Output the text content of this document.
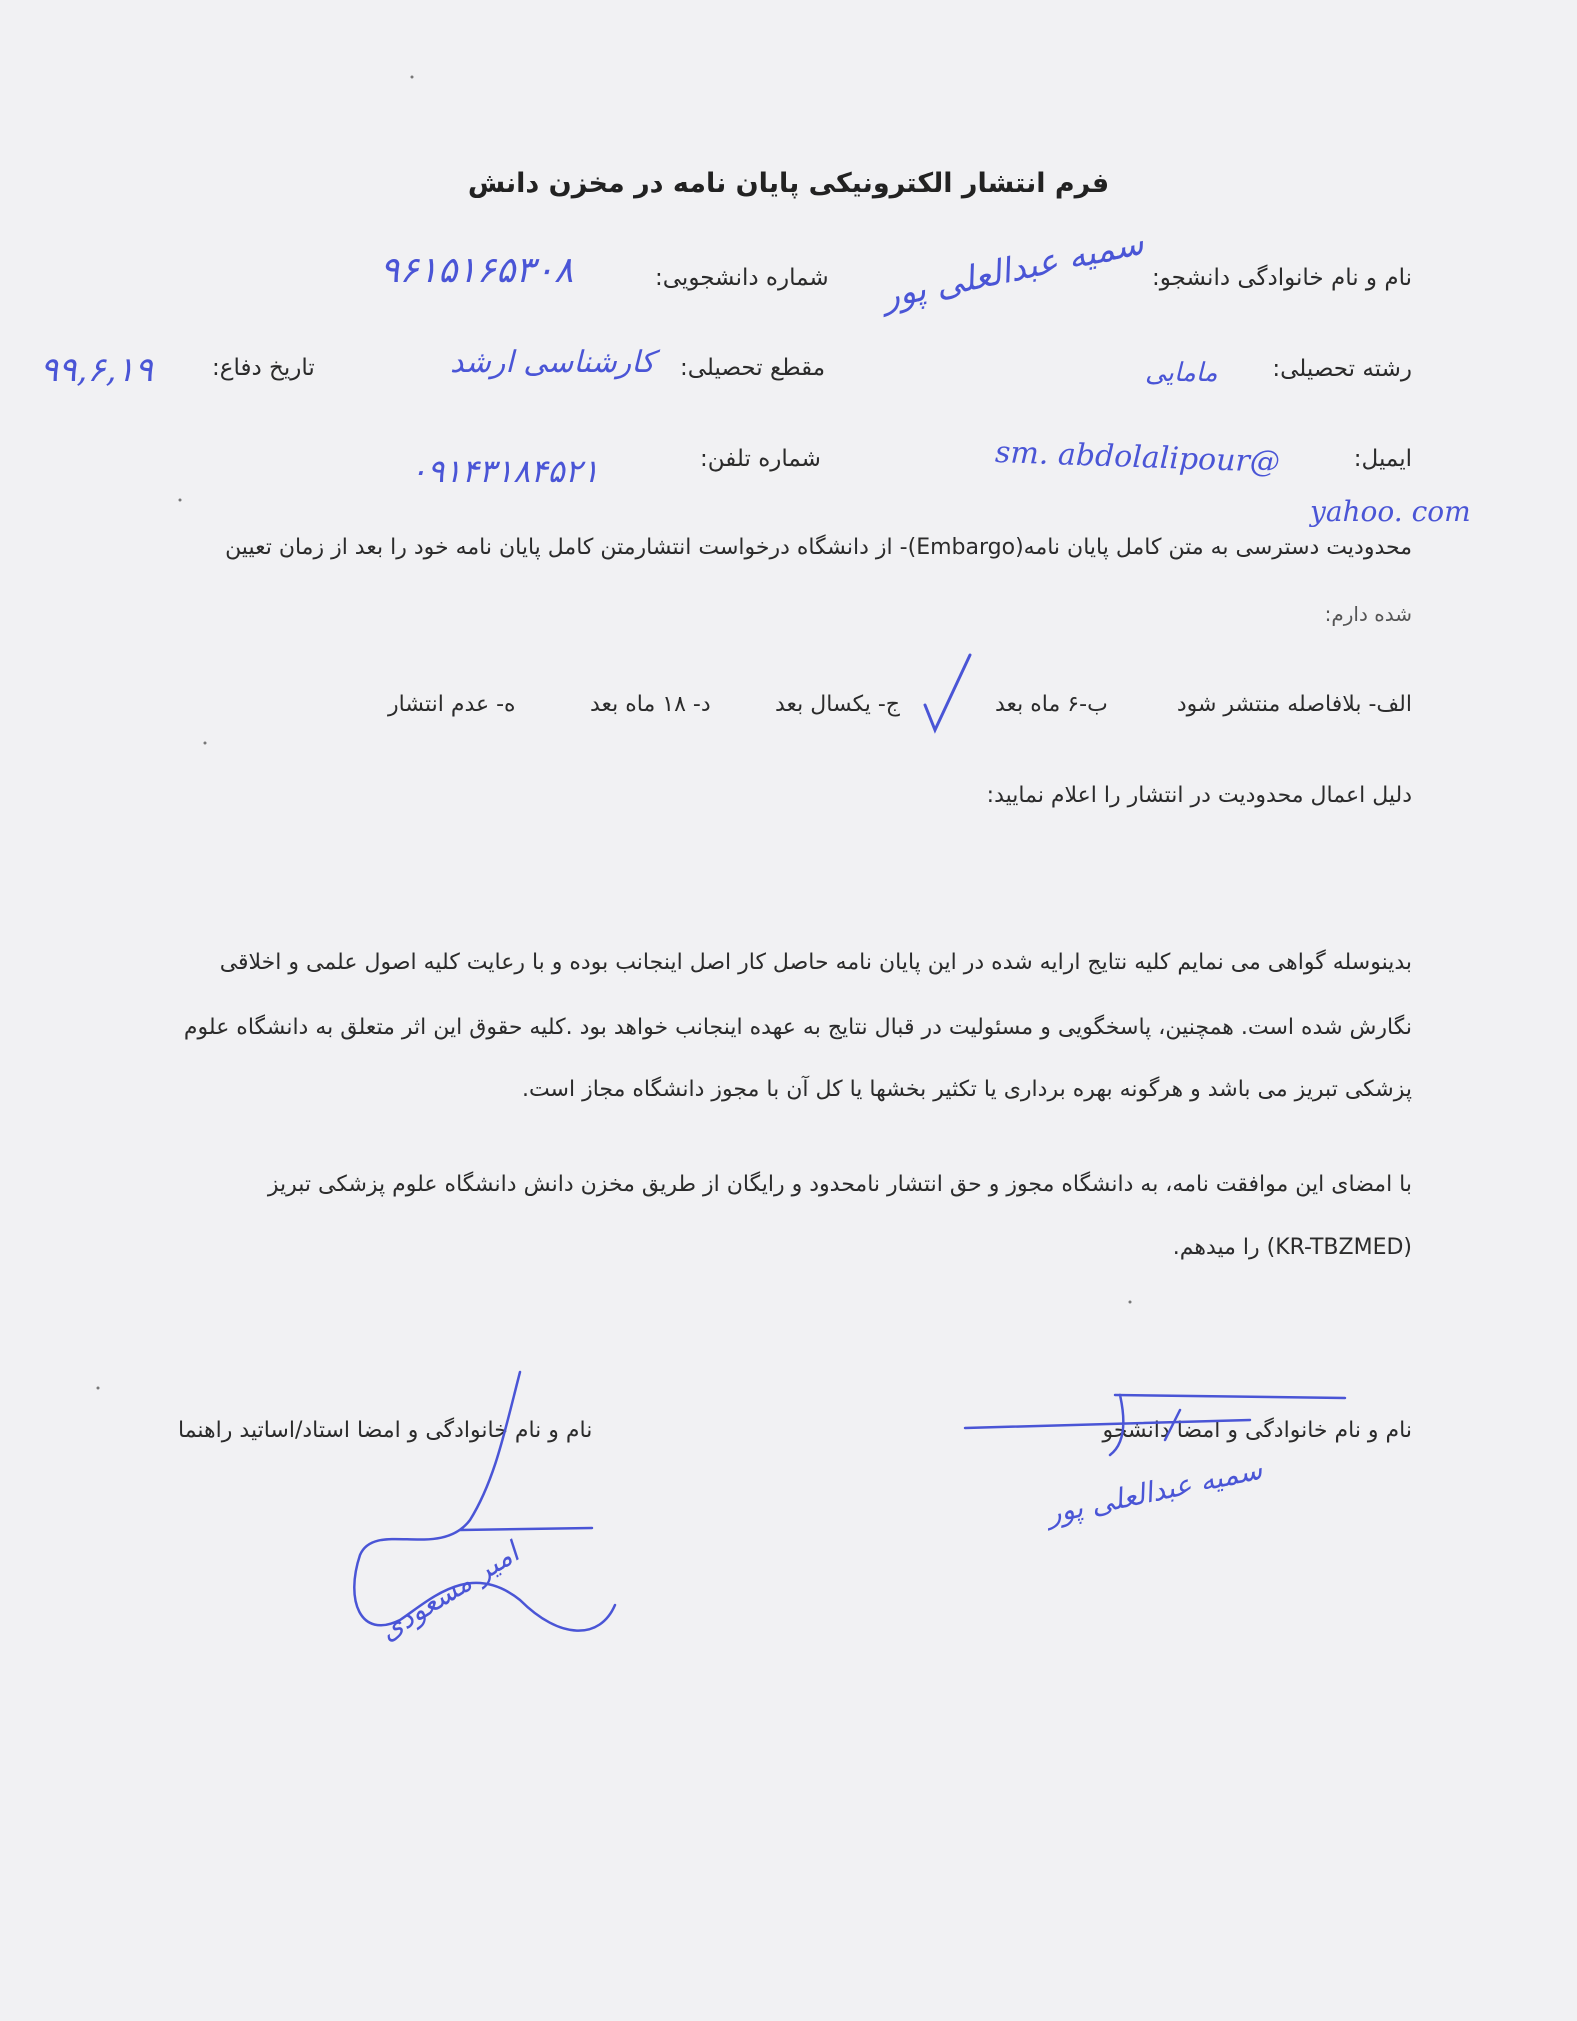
فرم انتشار الکترونیکی پایان نامه در مخزن دانش
نام و نام خانوادگی دانشجو:
سمیه عبدالعلی پور
شماره دانشجویی:
۹۶۱۵۱۶۵۳۰۸
رشته تحصیلی:
مامایی
مقطع تحصیلی:
کارشناسی ارشد
تاریخ دفاع:
۹۹,۶,۱۹
ایمیل:
sm. abdolalipour@
yahoo. com
شماره تلفن:
۰۹۱۴۳۱۸۴۵۲۱
محدودیت دسترسی به متن کامل پایان نامه(Embargo)- از دانشگاه درخواست انتشارمتن کامل پایان نامه خود را بعد از زمان تعیین
شده دارم:
الف- بلافاصله منتشر شود
ب-۶ ماه بعد
ج- یکسال بعد
د- ۱۸ ماه بعد
ه- عدم انتشار
دلیل اعمال محدودیت در انتشار را اعلام نمایید:
بدینوسله گواهی می نمایم کلیه نتایج ارایه شده در این پایان نامه حاصل کار اصل اینجانب بوده و با رعایت کلیه اصول علمی و اخلاقی
نگارش شده است. همچنین، پاسخگویی و مسئولیت در قبال نتایج به عهده اینجانب خواهد بود .کلیه حقوق این اثر متعلق به دانشگاه علوم
پزشکی تبریز می باشد و هرگونه بهره برداری یا تکثیر بخشها یا کل آن با مجوز دانشگاه مجاز است.
با امضای این موافقت نامه، به دانشگاه مجوز و حق انتشار نامحدود و رایگان از طریق مخزن دانش دانشگاه علوم پزشکی تبریز
(KR-TBZMED) را میدهم.
نام و نام خانوادگی و امضا دانشجو
نام و نام خانوادگی و امضا استاد/اساتید راهنما
سمیه عبدالعلی پور
امیر مسعودی
